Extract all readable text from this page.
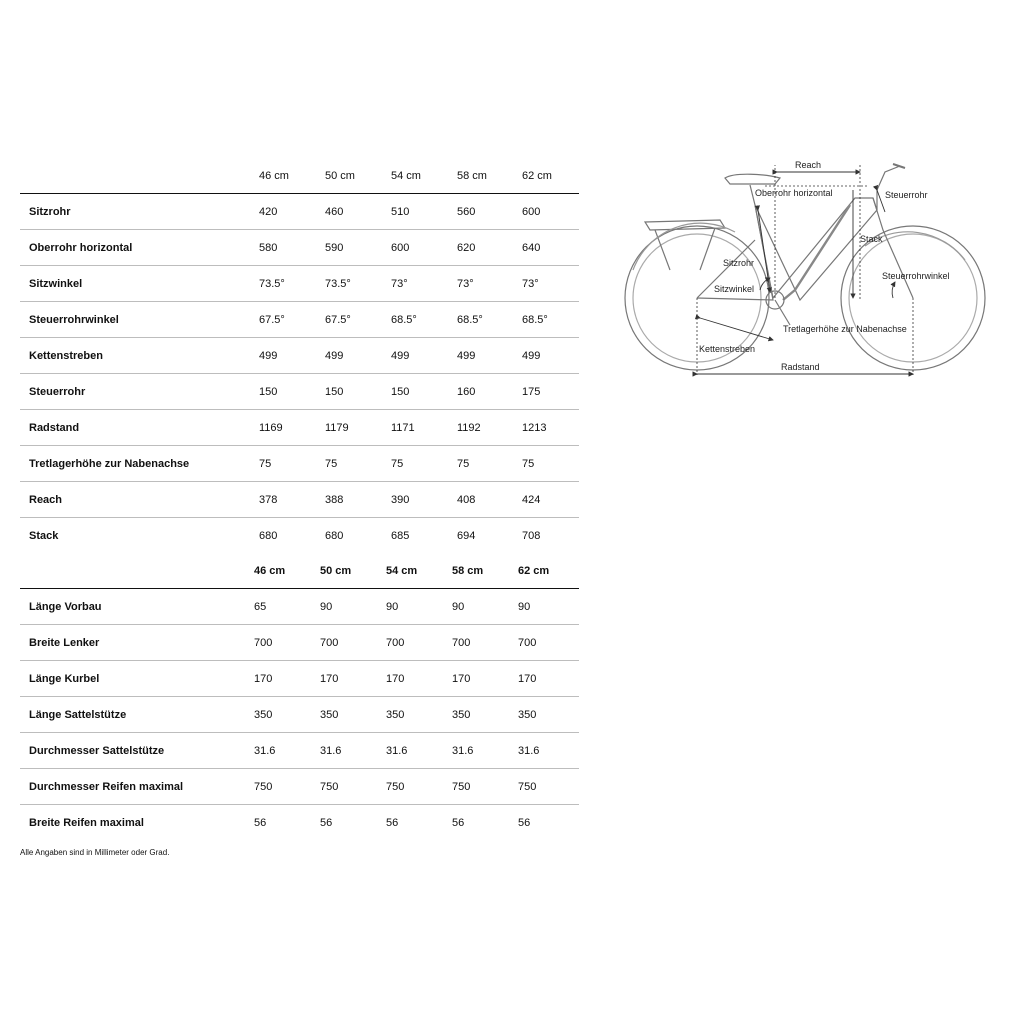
46 cm	50 cm	54 cm	58 cm	62 cm
Sitzrohr	420	460	510	560	600
Oberrohr horizontal	580	590	600	620	640
Sitzwinkel	73.5°	73.5°	73°	73°	73°
Steuerrohrwinkel	67.5°	67.5°	68.5°	68.5°	68.5°
Kettenstreben	499	499	499	499	499
Steuerrohr	150	150	150	160	175
Radstand	1169	1179	1171	1192	1213
Tretlagerhöhe zur Nabenachse	75	75	75	75	75
Reach	378	388	390	408	424
Stack	680	680	685	694	708
46 cm	50 cm	54 cm	58 cm	62 cm
Länge Vorbau	65	90	90	90	90
Breite Lenker	700	700	700	700	700
Länge Kurbel	170	170	170	170	170
Länge Sattelstütze	350	350	350	350	350
Durchmesser Sattelstütze	31.6	31.6	31.6	31.6	31.6
Durchmesser Reifen maximal	750	750	750	750	750
Breite Reifen maximal	56	56	56	56	56
Alle Angaben sind in Millimeter oder Grad.
Reach
Oberrohr horizontal	Steuerrohr
Sitzrohr
Stack
Sitzwinkel
Steuerrohrwinkel
Tretlagerhöhe zur Nabenachse
Kettenstreben
Radstand
